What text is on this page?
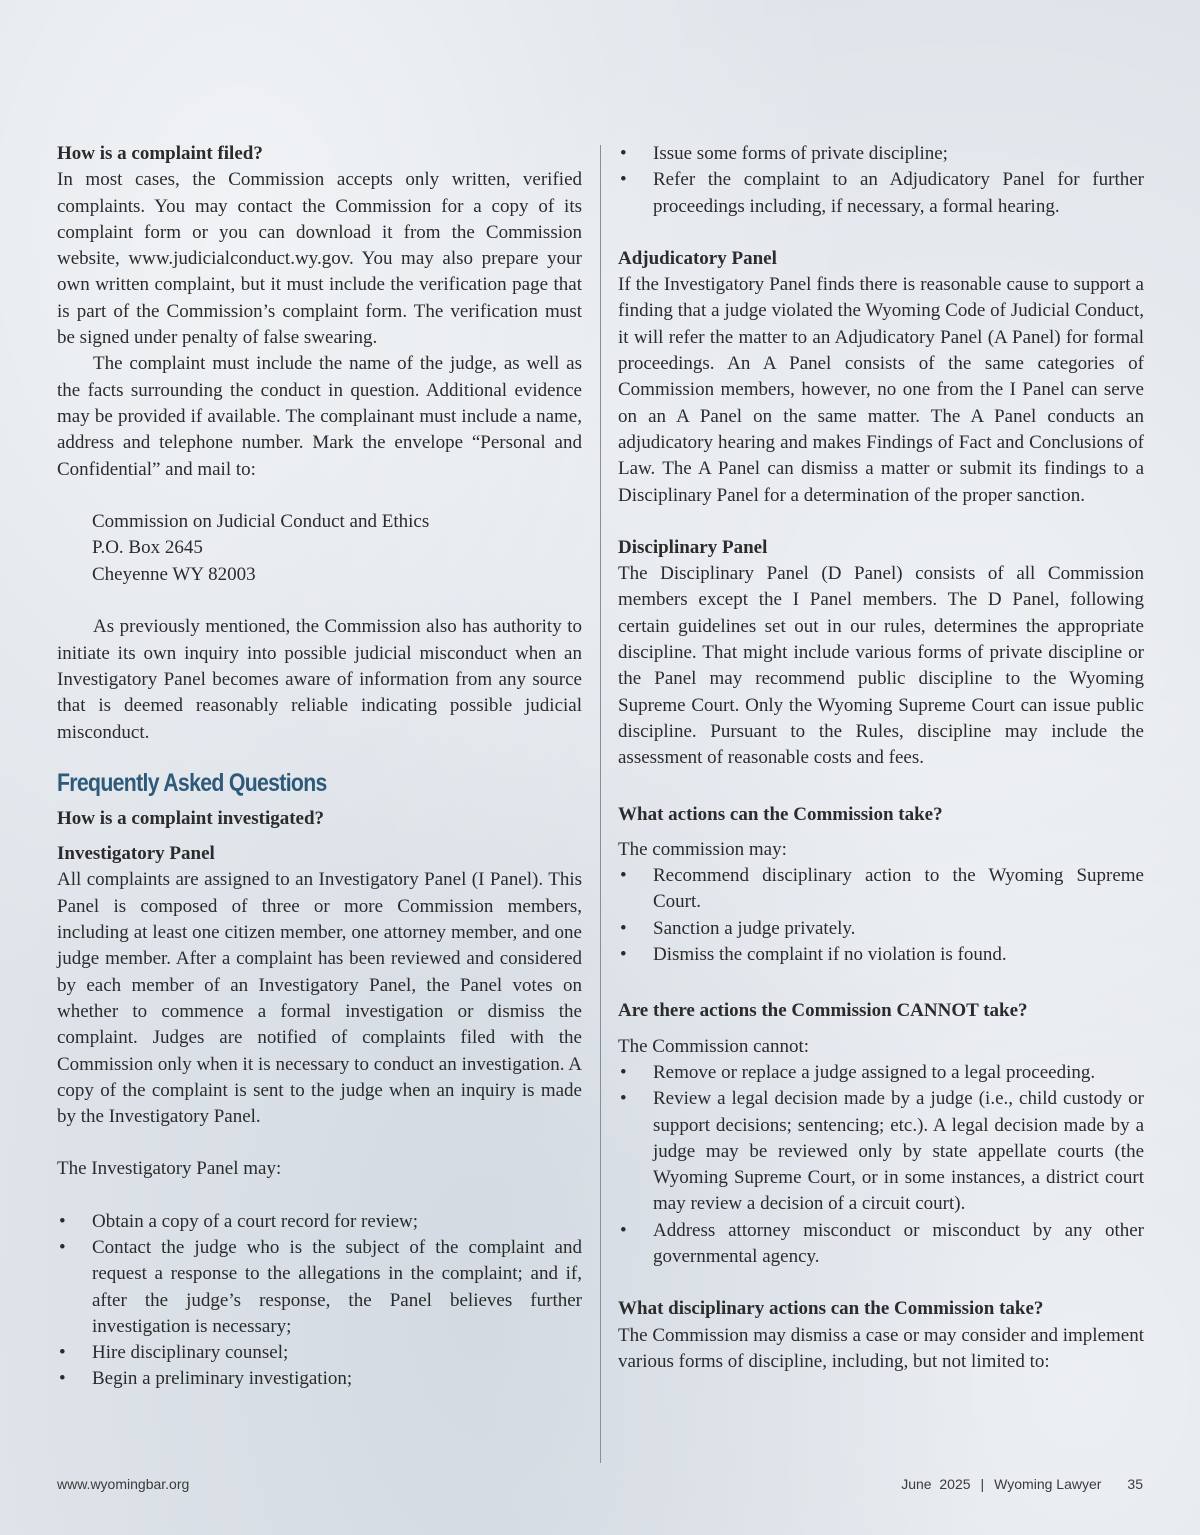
How is a complaint filed?

In most cases, the Commission accepts only written, verified complaints. You may contact the Commission for a copy of its complaint form or you can download it from the Commission website, www.judicialconduct.wy.gov. You may also prepare your own written complaint, but it must include the verification page that is part of the Commission’s complaint form. The verification must be signed under penalty of false swearing.

The complaint must include the name of the judge, as well as the facts surrounding the conduct in question. Additional evidence may be provided if available. The complainant must include a name, address and telephone number. Mark the envelope “Personal and Confidential” and mail to:

Commission on Judicial Conduct and Ethics
P.O. Box 2645
Cheyenne WY 82003

As previously mentioned, the Commission also has authority to initiate its own inquiry into possible judicial misconduct when an Investigatory Panel becomes aware of information from any source that is deemed reasonably reliable indicating possible judicial misconduct.

Frequently Asked Questions

How is a complaint investigated?

Investigatory Panel

All complaints are assigned to an Investigatory Panel (I Panel). This Panel is composed of three or more Commission members, including at least one citizen member, one attorney member, and one judge member. After a complaint has been reviewed and considered by each member of an Investigatory Panel, the Panel votes on whether to commence a formal investigation or dismiss the complaint. Judges are notified of complaints filed with the Commission only when it is necessary to conduct an investigation. A copy of the complaint is sent to the judge when an inquiry is made by the Investigatory Panel.

The Investigatory Panel may:

• Obtain a copy of a court record for review;
• Contact the judge who is the subject of the complaint and request a response to the allegations in the complaint; and if, after the judge’s response, the Panel believes further investigation is necessary;
• Hire disciplinary counsel;
• Begin a preliminary investigation;
• Issue some forms of private discipline;
• Refer the complaint to an Adjudicatory Panel for further proceedings including, if necessary, a formal hearing.

Adjudicatory Panel

If the Investigatory Panel finds there is reasonable cause to support a finding that a judge violated the Wyoming Code of Judicial Conduct, it will refer the matter to an Adjudicatory Panel (A Panel) for formal proceedings. An A Panel consists of the same categories of Commission members, however, no one from the I Panel can serve on an A Panel on the same matter. The A Panel conducts an adjudicatory hearing and makes Findings of Fact and Conclusions of Law. The A Panel can dismiss a matter or submit its findings to a Disciplinary Panel for a determination of the proper sanction.

Disciplinary Panel

The Disciplinary Panel (D Panel) consists of all Commission members except the I Panel members. The D Panel, following certain guidelines set out in our rules, determines the appropriate discipline. That might include various forms of private discipline or the Panel may recommend public discipline to the Wyoming Supreme Court. Only the Wyoming Supreme Court can issue public discipline. Pursuant to the Rules, discipline may include the assessment of reasonable costs and fees.

What actions can the Commission take?

The commission may:

• Recommend disciplinary action to the Wyoming Supreme Court.
• Sanction a judge privately.
• Dismiss the complaint if no violation is found.

Are there actions the Commission CANNOT take?

The Commission cannot:

• Remove or replace a judge assigned to a legal proceeding.
• Review a legal decision made by a judge (i.e., child custody or support decisions; sentencing; etc.). A legal decision made by a judge may be reviewed only by state appellate courts (the Wyoming Supreme Court, or in some instances, a district court may review a decision of a circuit court).
• Address attorney misconduct or misconduct by any other governmental agency.

What disciplinary actions can the Commission take?

The Commission may dismiss a case or may consider and implement various forms of discipline, including, but not limited to:

www.wyomingbar.org	June  2025 | Wyoming Lawyer 35
